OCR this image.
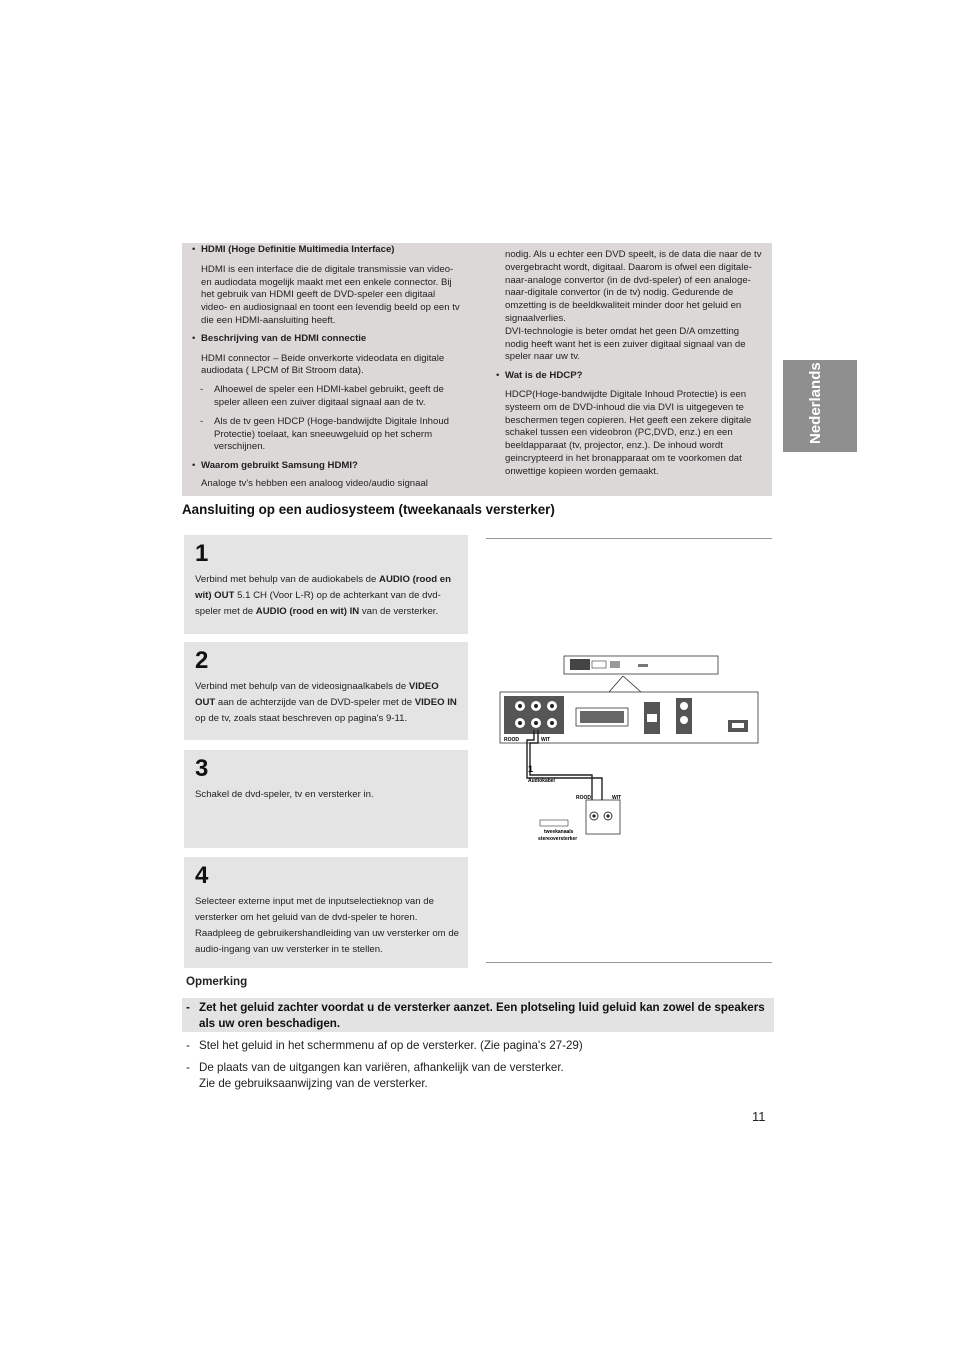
• HDMI (Hoge Definitie Multimedia Interface)

HDMI is een interface die de digitale transmissie van video- en audiodata mogelijk maakt met een enkele connector. Bij het gebruik van HDMI geeft de DVD-speler een digitaal video- en audiosignaal en toont een levendig beeld op een tv die een HDMI-aansluiting heeft.

• Beschrijving van de HDMI connectie

HDMI connector – Beide onverkorte videodata en digitale audiodata ( LPCM of Bit Stroom data).

- Alhoewel de speler een HDMI-kabel gebruikt, geeft de speler alleen een zuiver digitaal signaal aan de tv.

- Als de tv geen HDCP (Hoge-bandwijdte Digitale Inhoud Protectie) toelaat, kan sneeuwgeluid op het scherm verschijnen.

• Waarom gebruikt Samsung HDMI?

Analoge tv's hebben een analoog video/audio signaal

nodig. Als u echter een DVD speelt, is de data die naar de tv overgebracht wordt, digitaal. Daarom is ofwel een digitale-naar-analoge convertor (in de dvd-speler) of een analoge-naar-digitale convertor (in de tv) nodig. Gedurende de omzetting is de beeldkwaliteit minder door het geluid en signaalverlies.

DVI-technologie is beter omdat het geen D/A omzetting nodig heeft want het is een zuiver digitaal signaal van de speler naar uw tv.

• Wat is de HDCP?

HDCP(Hoge-bandwijdte Digitale Inhoud Protectie) is een systeem om de DVD-inhoud die via DVI is uitgegeven te beschermen tegen copieren. Het geeft een zekere digitale schakel tussen een videobron (PC,DVD, enz.) en een beeldapparaat (tv, projector, enz.). De inhoud wordt geincrypteerd in het bronapparaat om te voorkomen dat onwettige kopieen worden gemaakt.

Nederlands
Aansluiting op een audiosysteem (tweekanaals versterker)
1
Verbind met behulp van de audiokabels de AUDIO (rood en wit) OUT 5.1 CH (Voor L-R) op de achterkant van de dvd-speler met de AUDIO (rood en wit) IN van de versterker.
2
Verbind met behulp van de videosignaalkabels de VIDEO OUT aan de achterzijde van de DVD-speler met de VIDEO IN op de tv, zoals staat beschreven op pagina's 9-11.
3
Schakel de dvd-speler, tv en versterker in.
4
Selecteer externe input met de inputselectieknop van de versterker om het geluid van de dvd-speler te horen. Raadpleeg de gebruikershandleiding van uw versterker om de audio-ingang van uw versterker in te stellen.
ROOD	WIT
1
Audiokabel
ROOD	WIT
tweekanaals
stereoversterker

Opmerking

- Zet het geluid zachter voordat u de versterker aanzet. Een plotseling luid geluid kan zowel de speakers als uw oren beschadigen.
- Stel het geluid in het schermmenu af op de versterker. (Zie pagina's 27-29)
- De plaats van de uitgangen kan variëren, afhankelijk van de versterker.
Zie de gebruiksaanwijzing van de versterker.
11
